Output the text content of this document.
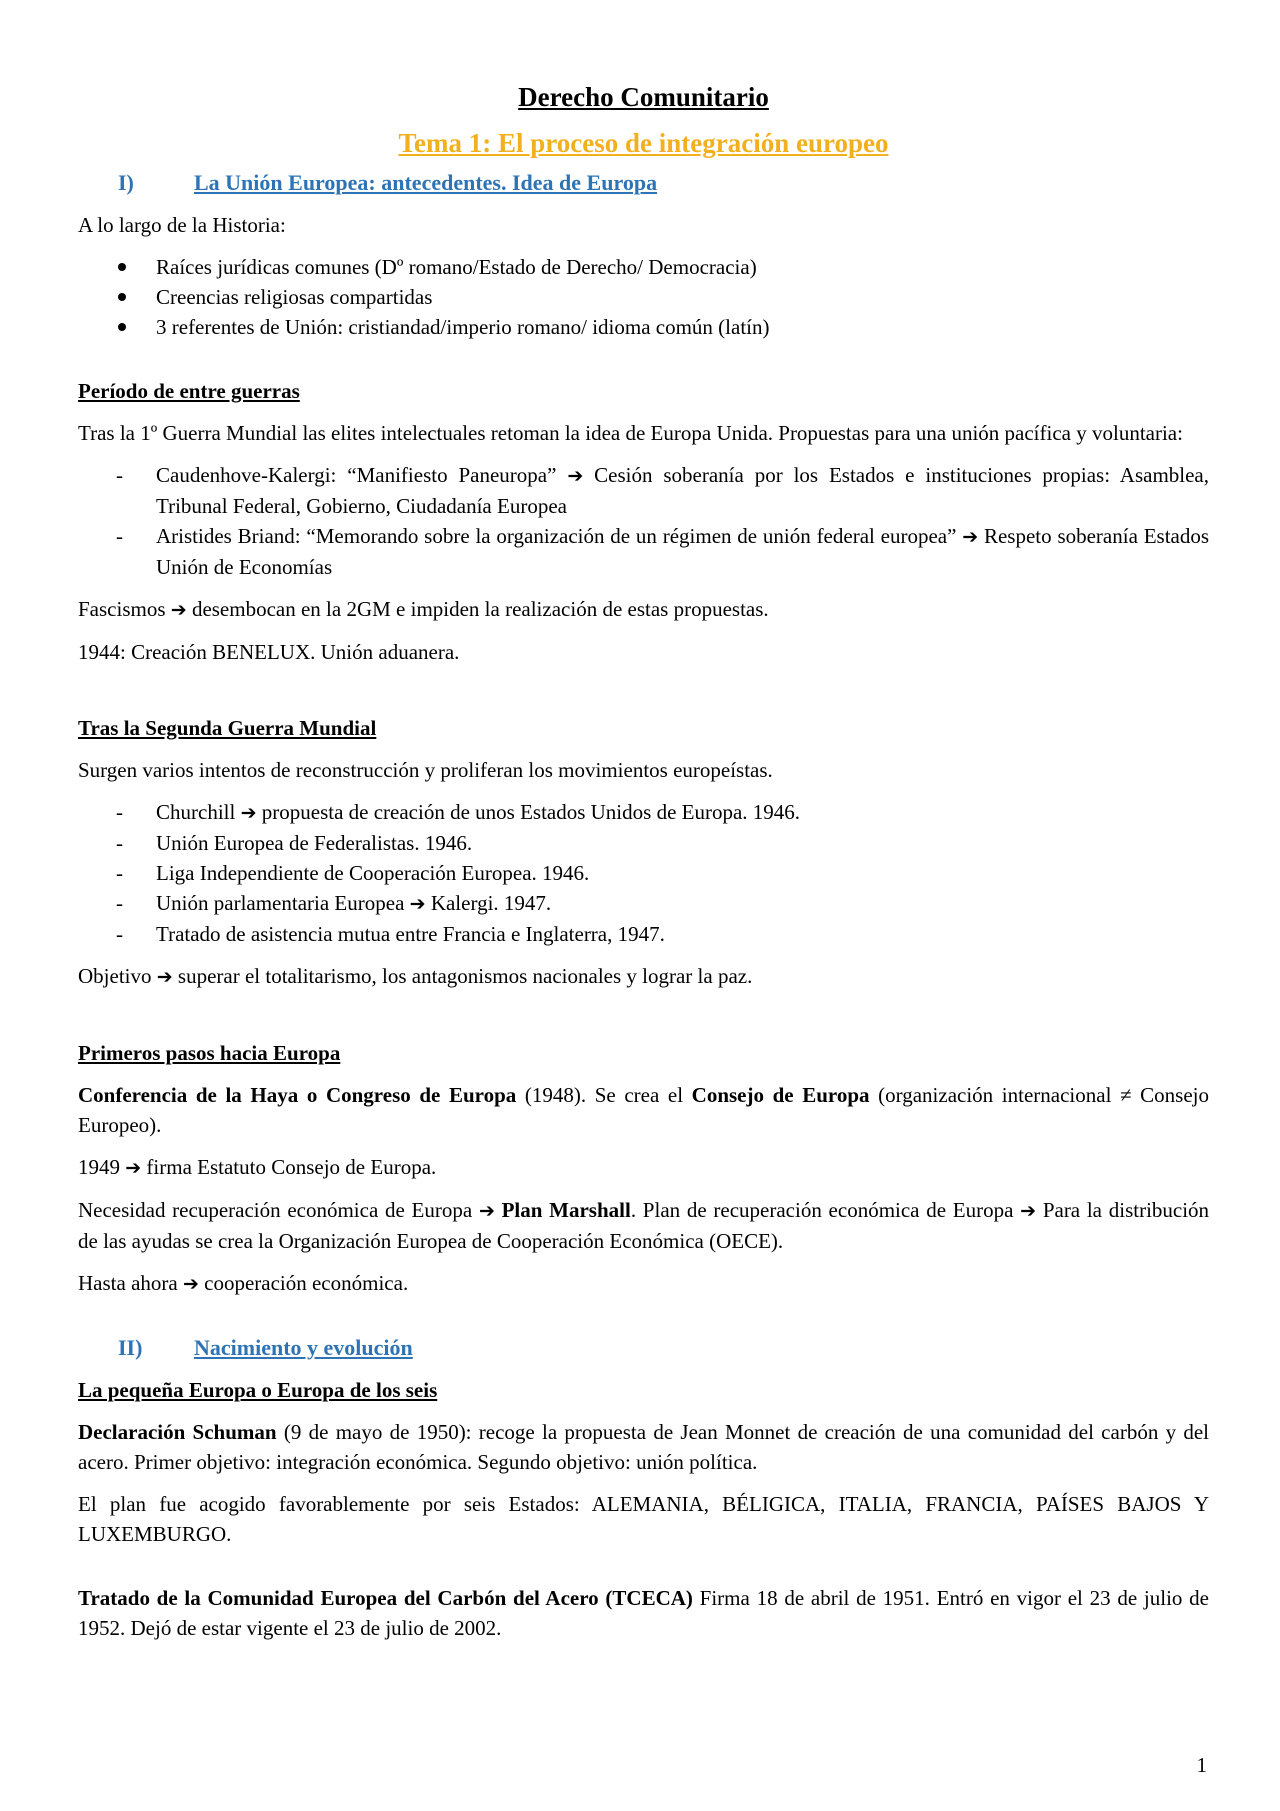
Derecho Comunitario
Tema 1: El proceso de integración europeo
I)	La Unión Europea: antecedentes. Idea de Europa
A lo largo de la Historia:
Raíces jurídicas comunes (Dº romano/Estado de Derecho/ Democracia)
Creencias religiosas compartidas
3 referentes de Unión: cristiandad/imperio romano/ idioma común (latín)
Período de entre guerras
Tras la 1º Guerra Mundial las elites intelectuales retoman la idea de Europa Unida. Propuestas para una unión pacífica y voluntaria:
- Caudenhove-Kalergi: “Manifiesto Paneuropa” ➔ Cesión soberanía por los Estados e instituciones propias: Asamblea, Tribunal Federal, Gobierno, Ciudadanía Europea
- Aristides Briand: “Memorando sobre la organización de un régimen de unión federal europea” ➔ Respeto soberanía Estados Unión de Economías
Fascismos ➔ desembocan en la 2GM e impiden la realización de estas propuestas.
1944: Creación BENELUX. Unión aduanera.
Tras la Segunda Guerra Mundial
Surgen varios intentos de reconstrucción y proliferan los movimientos europeístas.
- Churchill ➔ propuesta de creación de unos Estados Unidos de Europa. 1946.
- Unión Europea de Federalistas. 1946.
- Liga Independiente de Cooperación Europea. 1946.
- Unión parlamentaria Europea ➔ Kalergi. 1947.
- Tratado de asistencia mutua entre Francia e Inglaterra, 1947.
Objetivo ➔ superar el totalitarismo, los antagonismos nacionales y lograr la paz.
Primeros pasos hacia Europa
Conferencia de la Haya o Congreso de Europa (1948). Se crea el Consejo de Europa (organización internacional ≠ Consejo Europeo).
1949 ➔ firma Estatuto Consejo de Europa.
Necesidad recuperación económica de Europa ➔ Plan Marshall. Plan de recuperación económica de Europa ➔ Para la distribución de las ayudas se crea la Organización Europea de Cooperación Económica (OECE).
Hasta ahora ➔ cooperación económica.
II)	Nacimiento y evolución
La pequeña Europa o Europa de los seis
Declaración Schuman (9 de mayo de 1950): recoge la propuesta de Jean Monnet de creación de una comunidad del carbón y del acero. Primer objetivo: integración económica. Segundo objetivo: unión política.
El plan fue acogido favorablemente por seis Estados: ALEMANIA, BÉLIGICA, ITALIA, FRANCIA, PAÍSES BAJOS Y LUXEMBURGO.
Tratado de la Comunidad Europea del Carbón del Acero (TCECA) Firma 18 de abril de 1951. Entró en vigor el 23 de julio de 1952. Dejó de estar vigente el 23 de julio de 2002.
1
